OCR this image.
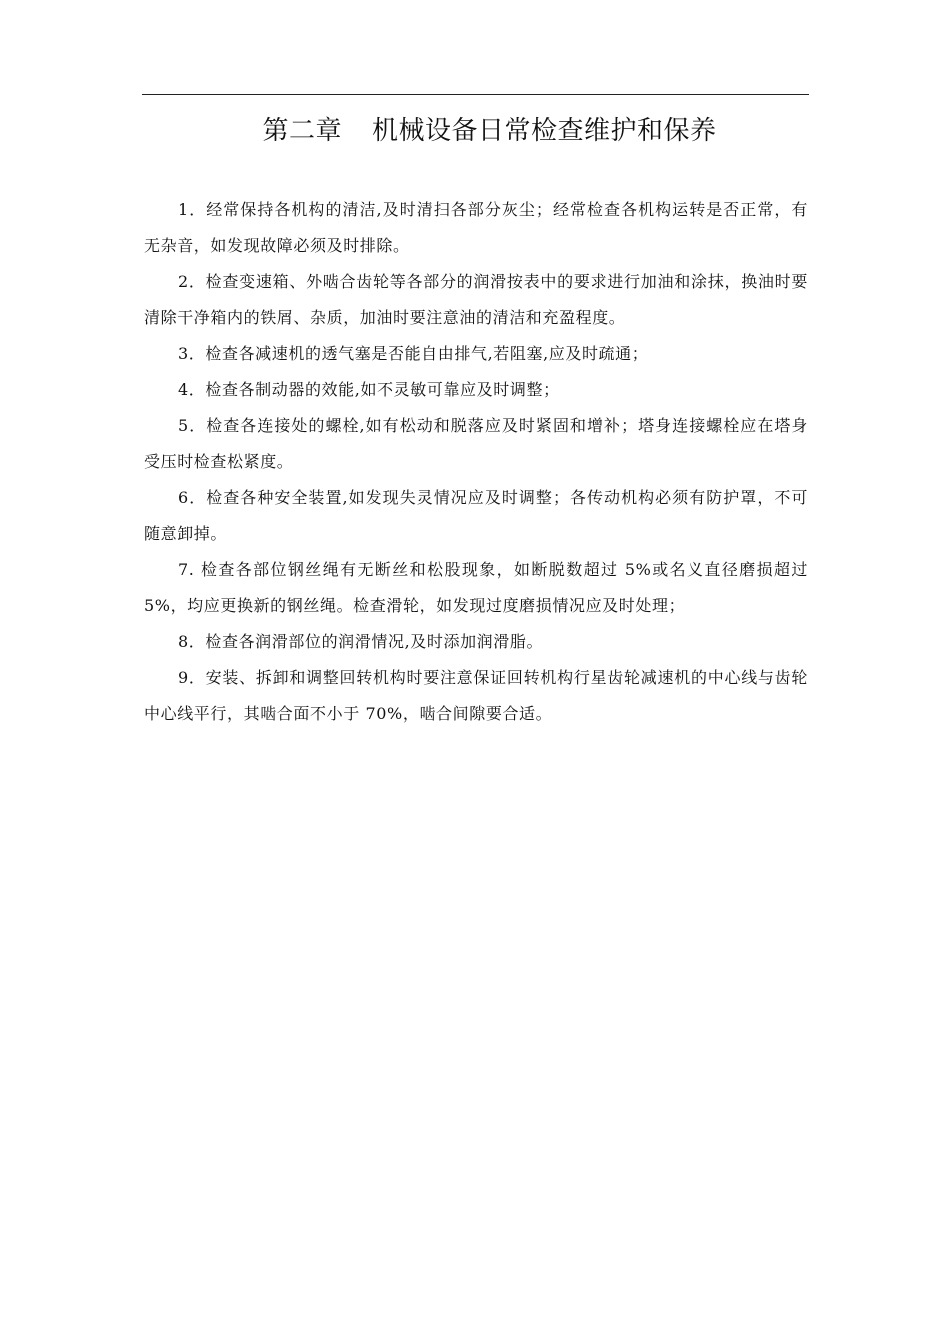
第二章 机械设备日常检查维护和保养

1．经常保持各机构的清洁,及时清扫各部分灰尘；经常检查各机构运转是否正常，有无杂音，如发现故障必须及时排除。

2．检查变速箱、外啮合齿轮等各部分的润滑按表中的要求进行加油和涂抹，换油时要清除干净箱内的铁屑、杂质，加油时要注意油的清洁和充盈程度。

3．检查各减速机的透气塞是否能自由排气,若阻塞,应及时疏通；

4．检查各制动器的效能,如不灵敏可靠应及时调整；

5．检查各连接处的螺栓,如有松动和脱落应及时紧固和增补；塔身连接螺栓应在塔身受压时检查松紧度。

6．检查各种安全装置,如发现失灵情况应及时调整；各传动机构必须有防护罩，不可随意卸掉。

7. 检查各部位钢丝绳有无断丝和松股现象，如断脱数超过 5%或名义直径磨损超过 5%，均应更换新的钢丝绳。检查滑轮，如发现过度磨损情况应及时处理；

8．检查各润滑部位的润滑情况,及时添加润滑脂。

9．安装、拆卸和调整回转机构时要注意保证回转机构行星齿轮减速机的中心线与齿轮中心线平行，其啮合面不小于 70%，啮合间隙要合适。
